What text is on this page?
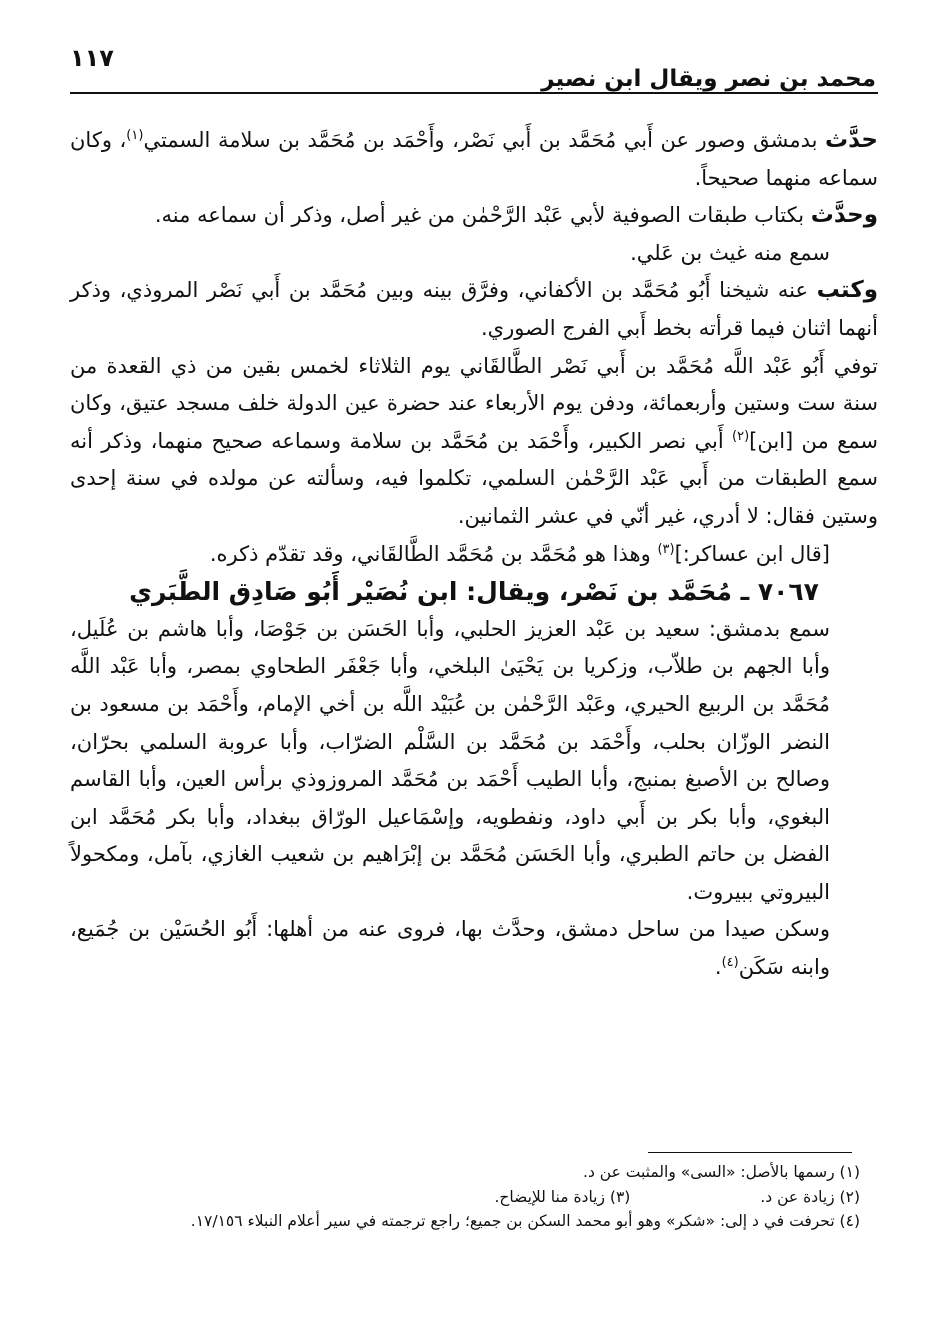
١١٧
محمد بن نصر ويقال ابن نصير

حدَّث بدمشق وصور عن أَبي مُحَمَّد بن أَبي نَصْر، وأَحْمَد بن مُحَمَّد بن سلامة السمتي$^{(١)}$، وكان سماعه منهما صحيحاً.

وحدَّث بكتاب طبقات الصوفية لأبي عَبْد الرَّحْمٰن من غير أصل، وذكر أن سماعه منه.

سمع منه غيث بن عَلي.

وكتب عنه شيخنا أَبُو مُحَمَّد بن الأكفاني، وفرَّق بينه وبين مُحَمَّد بن أَبي نَصْر المروذي، وذكر أنهما اثنان فيما قرأته بخط أَبي الفرج الصوري.

توفي أَبُو عَبْد اللَّه مُحَمَّد بن أَبي نَصْر الطَّالقَاني يوم الثلاثاء لخمس بقين من ذي القعدة من سنة ست وستين وأربعمائة، ودفن يوم الأربعاء عند حضرة عين الدولة خلف مسجد عتيق، وكان سمع من [ابن]$^{(٢)}$ أَبي نصر الكبير، وأَحْمَد بن مُحَمَّد بن سلامة وسماعه صحيح منهما، وذكر أنه سمع الطبقات من أَبي عَبْد الرَّحْمٰن السلمي، تكلموا فيه، وسألته عن مولده في سنة إحدى وستين فقال: لا أدري، غير أنّي في عشر الثمانين.

[قال ابن عساكر:]$^{(٣)}$ وهذا هو مُحَمَّد بن مُحَمَّد الطَّالقَاني، وقد تقدّم ذكره.

٧٠٦٧ ـ مُحَمَّد بن نَصْر، ويقال: ابن نُصَيْر أَبُو صَادِق الطَّبَري

سمع بدمشق: سعيد بن عَبْد العزيز الحلبي، وأبا الحَسَن بن جَوْصَا، وأبا هاشم بن عُلَيل، وأبا الجهم بن طلاّب، وزكريا بن يَحْيَىٰ البلخي، وأبا جَعْفَر الطحاوي بمصر، وأبا عَبْد اللَّه مُحَمَّد بن الربيع الحيري، وعَبْد الرَّحْمٰن بن عُبَيْد اللَّه بن أخي الإمام، وأَحْمَد بن مسعود بن النضر الوزّان بحلب، وأَحْمَد بن مُحَمَّد بن السَّلْم الضرّاب، وأبا عروبة السلمي بحرّان، وصالح بن الأصبغ بمنبج، وأبا الطيب أَحْمَد بن مُحَمَّد المروزوذي برأس العين، وأبا القاسم البغوي، وأبا بكر بن أَبي داود، ونفطويه، وإسْمَاعيل الورّاق ببغداد، وأبا بكر مُحَمَّد ابن الفضل بن حاتم الطبري، وأبا الحَسَن مُحَمَّد بن إبْرَاهيم بن شعيب الغازي، بآمل، ومكحولاً البيروتي ببيروت.

وسكن صيدا من ساحل دمشق، وحدَّث بها، فروى عنه من أهلها: أَبُو الحُسَيْن بن جُمَيع، وابنه سَكَن$^{(٤)}$.

(١) رسمها بالأصل: «السى» والمثبت عن د.
(٢) زيادة عن د.(٣) زيادة منا للإيضاح.
(٤) تحرفت في د إلى: «شكر» وهو أبو محمد السكن بن جميع؛ راجع ترجمته في سير أعلام النبلاء ١٧/١٥٦.
